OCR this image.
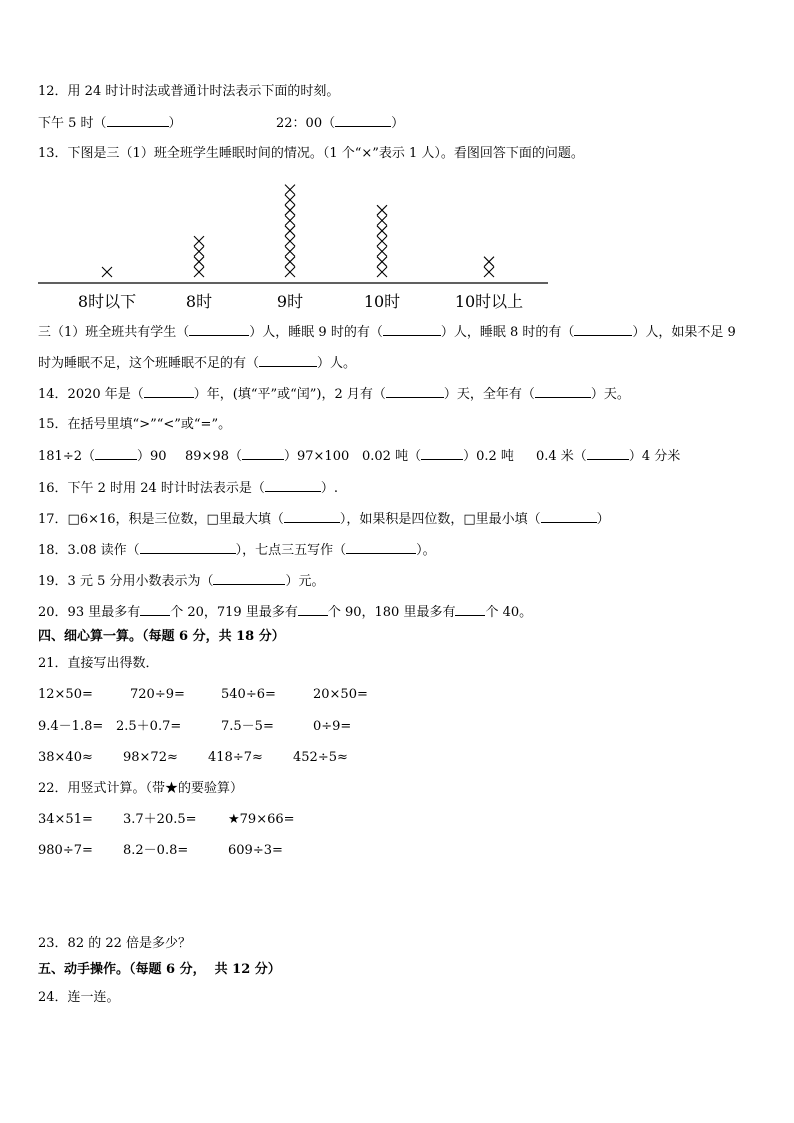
12．用 24 时计时法或普通计时法表示下面的时刻。
下午 5 时（	）	22：00（	）
13．下图是三（1）班全班学生睡眠时间的情况。（1 个“×”表示 1 人）。看图回答下面的问题。
8时以下	8时	9时	10时	10时以上
三（1）班全班共有学生（	）人，睡眠 9 时的有（	）人，睡眠 8 时的有（	）人，如果不足 9
时为睡眠不足，这个班睡眠不足的有（	）人。
14．2020 年是（	）年，(填“平”或“闰”)，2 月有（	）天，全年有（	）天。
15．在括号里填“>”“<”或“=”。
181÷2（	）90 89×98（	）97×100 0.02 吨（	）0.2 吨 0.4 米（	）4 分米
16．下午 2 时用 24 时计时法表示是（	）.
17．□6×16，积是三位数，□里最大填（	），如果积是四位数，□里最小填（	）
18．3.08 读作（	），七点三五写作（	）。
19．3 元 5 分用小数表示为（	）元。
20．93 里最多有 个 20，719 里最多有 个 90，180 里最多有 个 40。
四、细心算一算。（每题 6 分，共 18 分）
21．直接写出得数．
12×50=	720÷9=	540÷6=	20×50=
9.4－1.8= 2.5＋0.7=	7.5－5=	0÷9=
38×40≈ 98×72≈ 418÷7≈ 452÷5≈
22．用竖式计算。（带★的要验算）
34×51= 3.7＋20.5= ★79×66=
980÷7= 8.2－0.8=	609÷3=
23．82 的 22 倍是多少？
五、动手操作。（每题 6 分，  共 12 分）
24．连一连。
